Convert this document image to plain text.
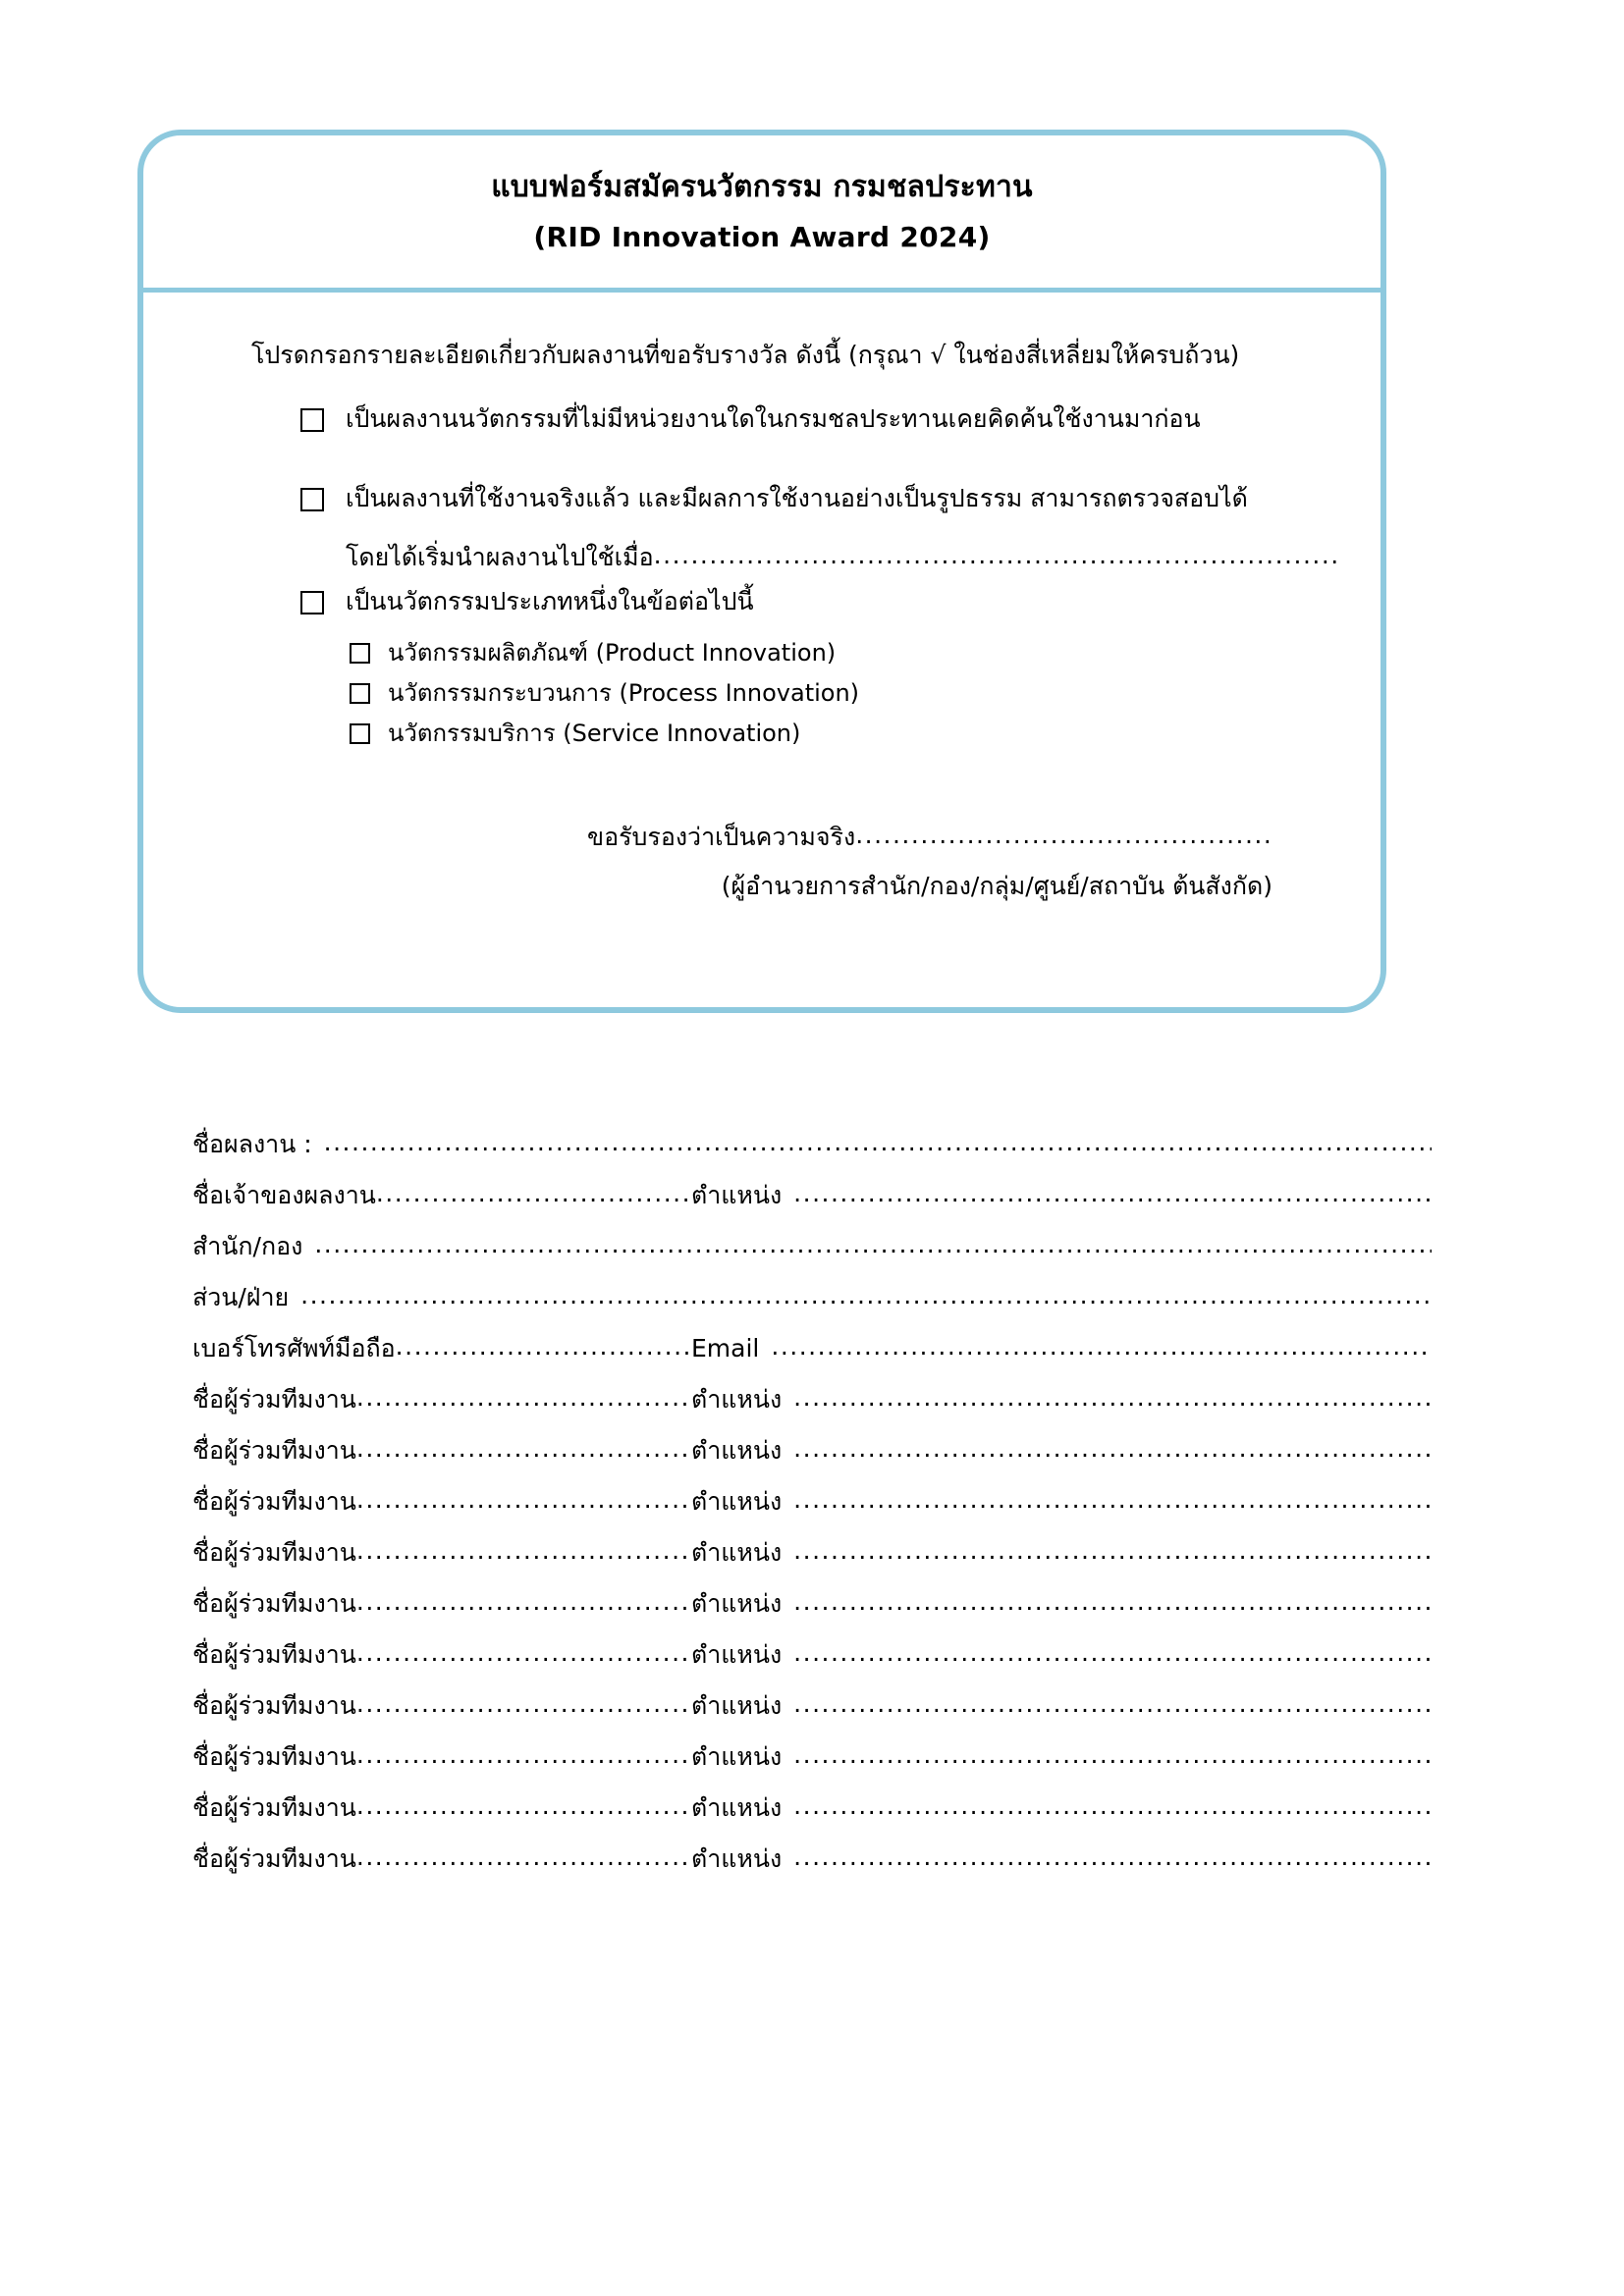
แบบฟอร์มสมัครนวัตกรรม กรมชลประทาน
(RID Innovation Award 2024)
โปรดกรอกรายละเอียดเกี่ยวกับผลงานที่ขอรับรางวัล ดังนี้ (กรุณา √ ในช่องสี่เหลี่ยมให้ครบถ้วน)
เป็นผลงานนวัตกรรมที่ไม่มีหน่วยงานใดในกรมชลประทานเคยคิดค้นใช้งานมาก่อน
เป็นผลงานที่ใช้งานจริงแล้ว และมีผลการใช้งานอย่างเป็นรูปธรรม สามารถตรวจสอบได้
โดยได้เริ่มนำผลงานไปใช้เมื่อ
.....
เป็นนวัตกรรมประเภทหนึ่งในข้อต่อไปนี้
นวัตกรรมผลิตภัณฑ์ (Product Innovation)
นวัตกรรมกระบวนการ (Process Innovation)
นวัตกรรมบริการ (Service Innovation)
ขอรับรองว่าเป็นความจริง
.....
(ผู้อำนวยการสำนัก/กอง/กลุ่ม/ศูนย์/สถาบัน ต้นสังกัด)
ชื่อผลงาน :
.....
ชื่อเจ้าของผลงาน .....	ตำแหน่ง
.....
สำนัก/กอง
.....
ส่วน/ฝ่าย
.....
เบอร์โทรศัพท์มือถือ .....	Email
.....
ชื่อผู้ร่วมทีมงาน .....	ตำแหน่ง
.....
ชื่อผู้ร่วมทีมงาน .....	ตำแหน่ง
.....
ชื่อผู้ร่วมทีมงาน .....	ตำแหน่ง
.....
ชื่อผู้ร่วมทีมงาน .....	ตำแหน่ง
.....
ชื่อผู้ร่วมทีมงาน .....	ตำแหน่ง
.....
ชื่อผู้ร่วมทีมงาน .....	ตำแหน่ง
.....
ชื่อผู้ร่วมทีมงาน .....	ตำแหน่ง
.....
ชื่อผู้ร่วมทีมงาน .....	ตำแหน่ง
.....
ชื่อผู้ร่วมทีมงาน .....	ตำแหน่ง
.....
ชื่อผู้ร่วมทีมงาน .....	ตำแหน่ง
.....
